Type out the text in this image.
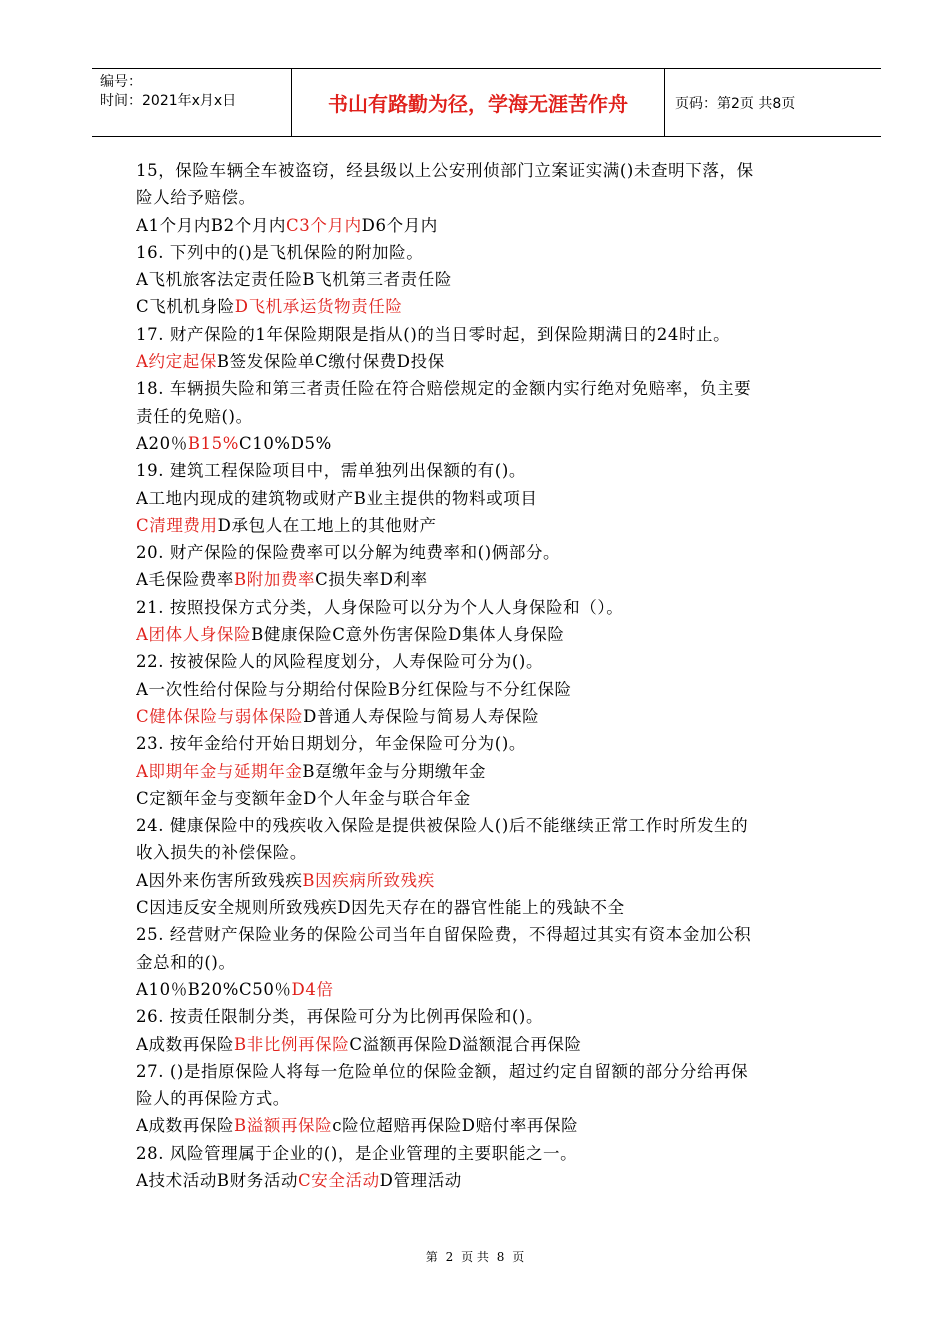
编号：
时间：2021年x月x日	书山有路勤为径，学海无涯苦作舟	页码：第2页 共8页
15，保险车辆全车被盗窃，经县级以上公安刑侦部门立案证实满()未查明下落，保
险人给予赔偿。
A1个月内B2个月内C3个月内D6个月内
16. 下列中的()是飞机保险的附加险。
A飞机旅客法定责任险B飞机第三者责任险
C飞机机身险D飞机承运货物责任险
17. 财产保险的1年保险期限是指从()的当日零时起，到保险期满日的24时止。
A约定起保B签发保险单C缴付保费D投保
18. 车辆损失险和第三者责任险在符合赔偿规定的金额内实行绝对免赔率，负主要
责任的免赔()。
A20％B15%C10%D5%
19. 建筑工程保险项目中，需单独列出保额的有()。
A工地内现成的建筑物或财产B业主提供的物料或项目
C清理费用D承包人在工地上的其他财产
20. 财产保险的保险费率可以分解为纯费率和()俩部分。
A毛保险费率B附加费率C损失率D利率
21. 按照投保方式分类，人身保险可以分为个人人身保险和（）。
A团体人身保险B健康保险C意外伤害保险D集体人身保险
22. 按被保险人的风险程度划分，人寿保险可分为()。
A一次性给付保险与分期给付保险B分红保险与不分红保险
C健体保险与弱体保险D普通人寿保险与简易人寿保险
23. 按年金给付开始日期划分，年金保险可分为()。
A即期年金与延期年金B趸缴年金与分期缴年金
C定额年金与变额年金D个人年金与联合年金
24. 健康保险中的残疾收入保险是提供被保险人()后不能继续正常工作时所发生的
收入损失的补偿保险。
A因外来伤害所致残疾B因疾病所致残疾
C因违反安全规则所致残疾D因先天存在的器官性能上的残缺不全
25. 经营财产保险业务的保险公司当年自留保险费，不得超过其实有资本金加公积
金总和的()。
A10％B20%C50％D4倍
26. 按责任限制分类，再保险可分为比例再保险和()。
A成数再保险B非比例再保险C溢额再保险D溢额混合再保险
27. ()是指原保险人将每一危险单位的保险金额，超过约定自留额的部分分给再保
险人的再保险方式。
A成数再保险B溢额再保险c险位超赔再保险D赔付率再保险
28. 风险管理属于企业的()，是企业管理的主要职能之一。
A技术活动B财务活动C安全活动D管理活动
第 2 页 共 8 页
